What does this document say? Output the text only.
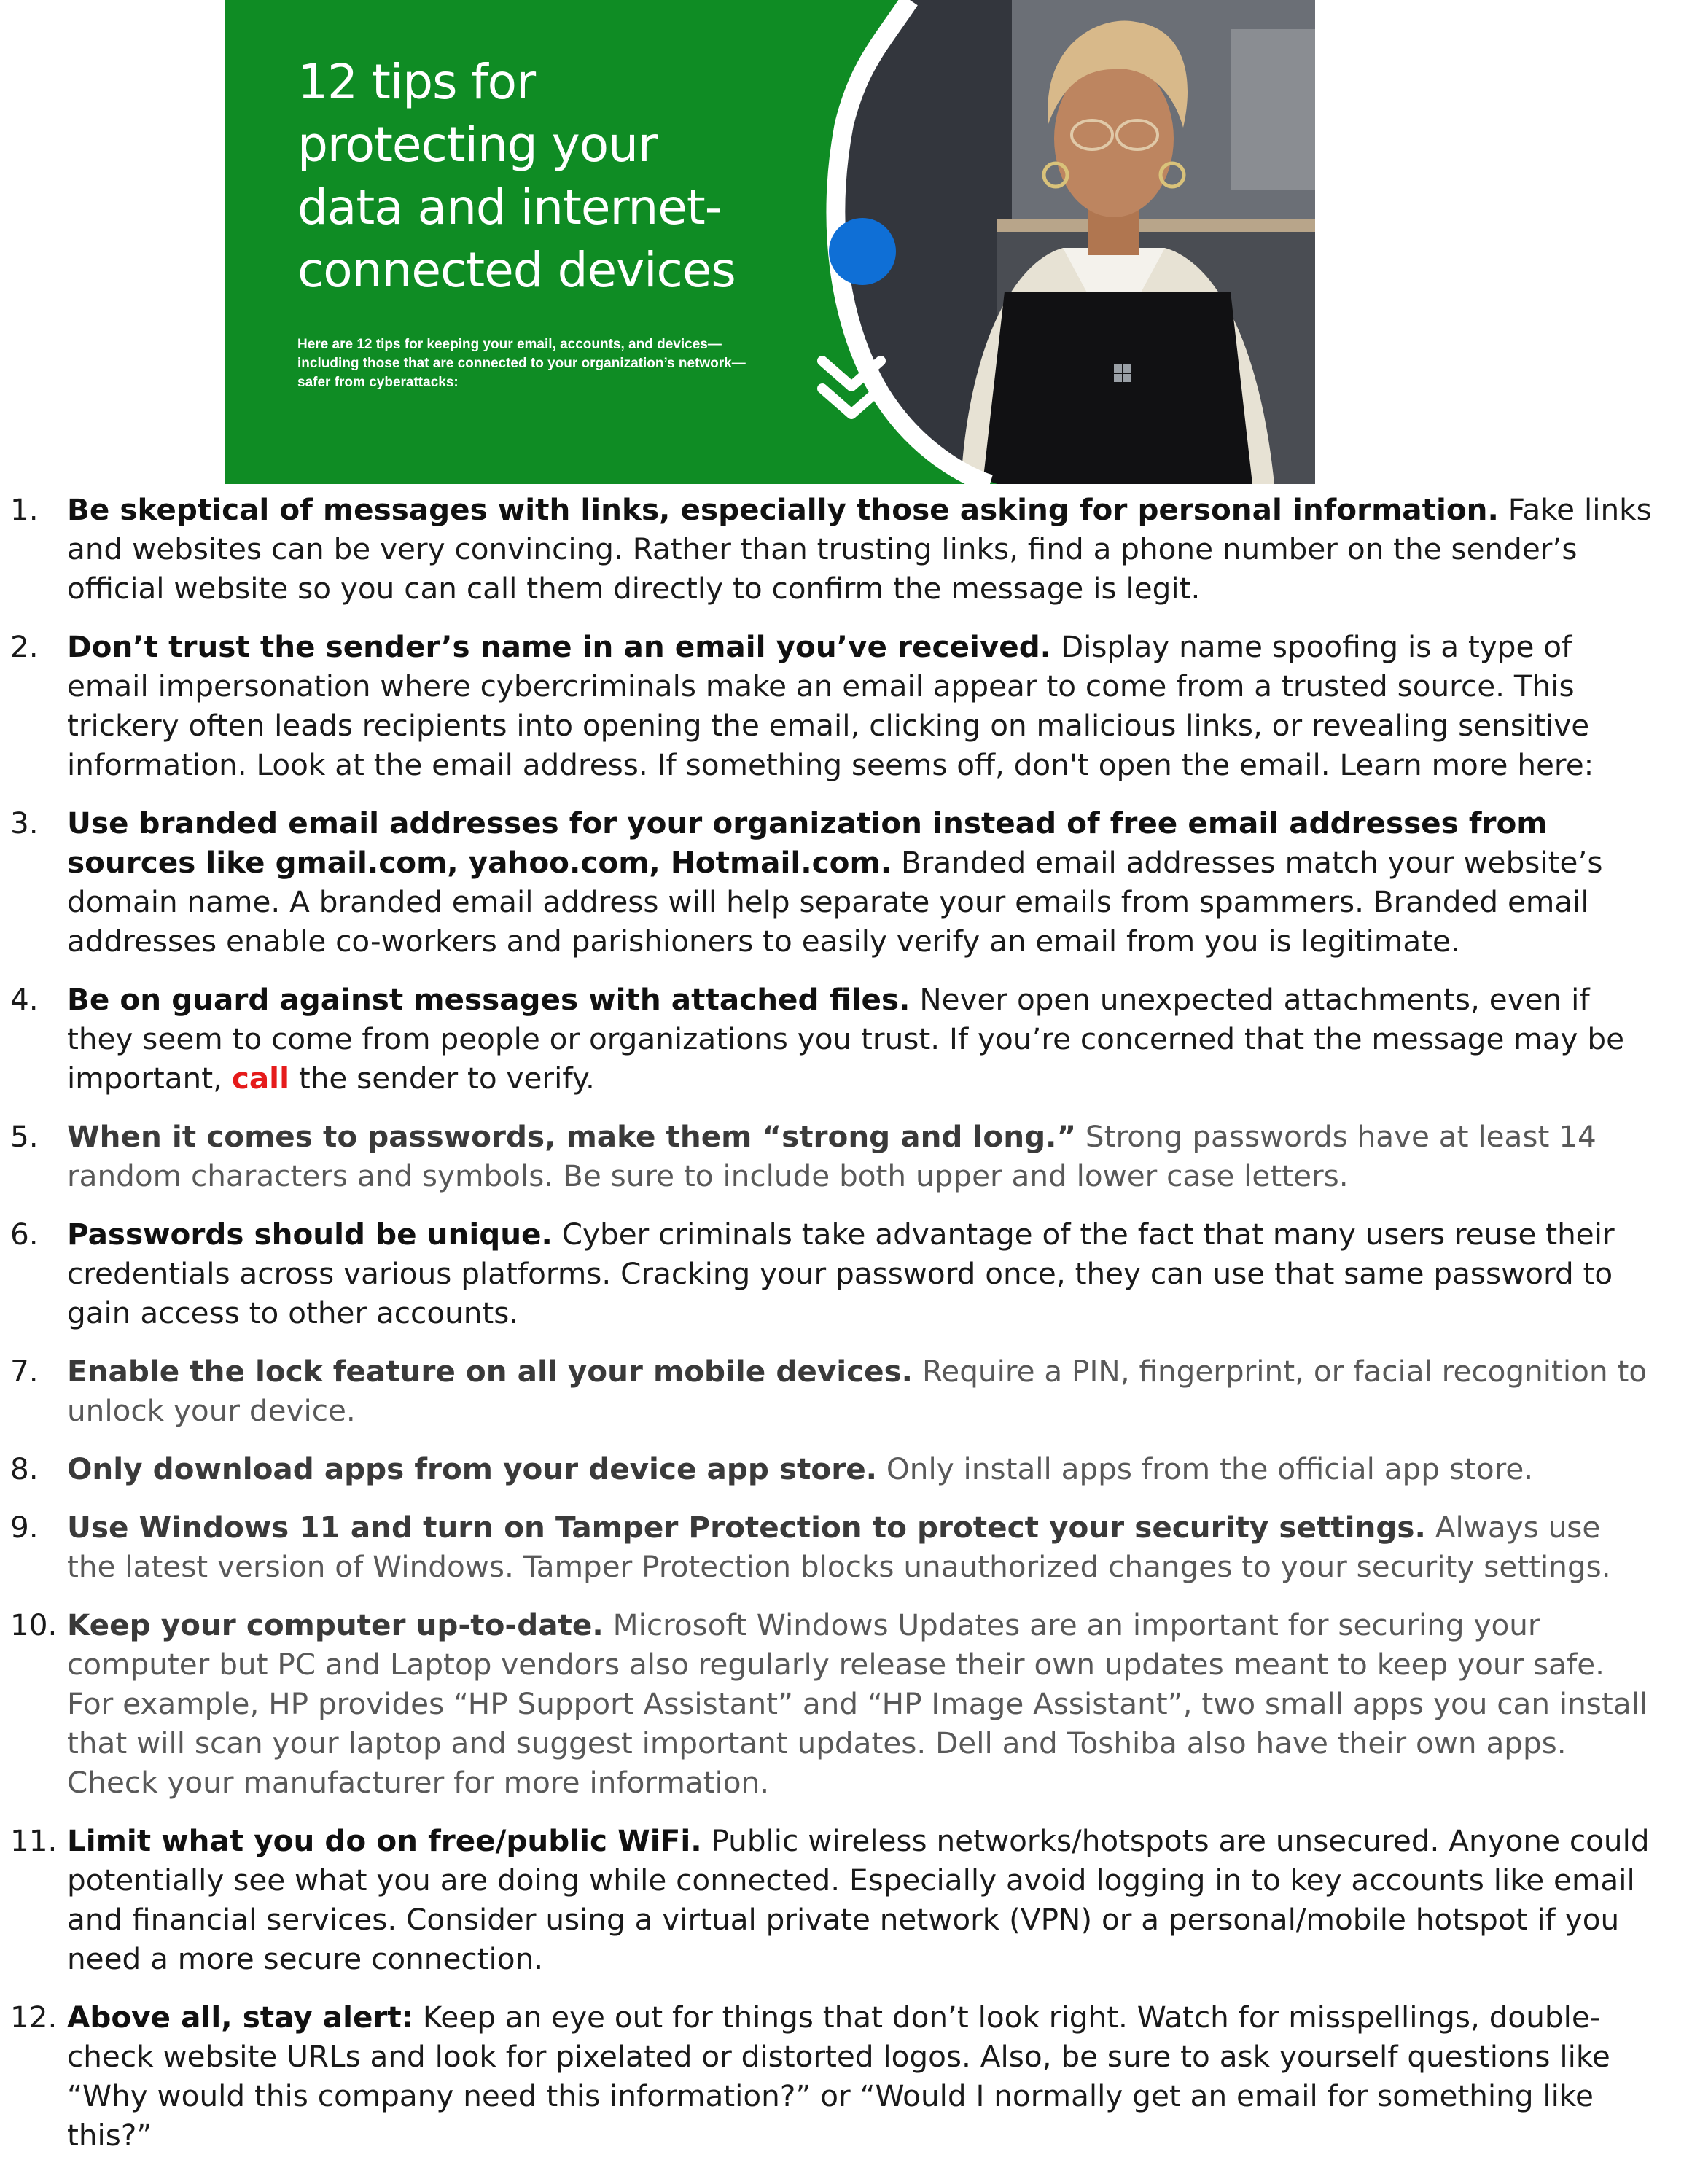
12 tips for
protecting your
data and internet-
connected devices
Here are 12 tips for keeping your email, accounts, and devices—including those that are connected to your organization’s network—safer from cyberattacks:
1. Be skeptical of messages with links, especially those asking for personal information. Fake links and websites can be very convincing. Rather than trusting links, find a phone number on the sender’s official website so you can call them directly to confirm the message is legit.
2. Don’t trust the sender’s name in an email you’ve received. Display name spoofing is a type of email impersonation where cybercriminals make an email appear to come from a trusted source. This trickery often leads recipients into opening the email, clicking on malicious links, or revealing sensitive information. Look at the email address. If something seems off, don't open the email. Learn more here:
3. Use branded email addresses for your organization instead of free email addresses from sources like gmail.com, yahoo.com, Hotmail.com. Branded email addresses match your website’s domain name. A branded email address will help separate your emails from spammers. Branded email addresses enable co-workers and parishioners to easily verify an email from you is legitimate.
4. Be on guard against messages with attached files. Never open unexpected attachments, even if they seem to come from people or organizations you trust. If you’re concerned that the message may be important, call the sender to verify.
5. When it comes to passwords, make them “strong and long.” Strong passwords have at least 14 random characters and symbols. Be sure to include both upper and lower case letters.
6. Passwords should be unique. Cyber criminals take advantage of the fact that many users reuse their credentials across various platforms. Cracking your password once, they can use that same password to gain access to other accounts.
7. Enable the lock feature on all your mobile devices. Require a PIN, fingerprint, or facial recognition to unlock your device.
8. Only download apps from your device app store. Only install apps from the official app store.
9. Use Windows 11 and turn on Tamper Protection to protect your security settings. Always use the latest version of Windows. Tamper Protection blocks unauthorized changes to your security settings.
10. Keep your computer up-to-date. Microsoft Windows Updates are an important for securing your computer but PC and Laptop vendors also regularly release their own updates meant to keep your safe. For example, HP provides “HP Support Assistant” and “HP Image Assistant”, two small apps you can install that will scan your laptop and suggest important updates. Dell and Toshiba also have their own apps. Check your manufacturer for more information.
11. Limit what you do on free/public WiFi. Public wireless networks/hotspots are unsecured. Anyone could potentially see what you are doing while connected. Especially avoid logging in to key accounts like email and financial services. Consider using a virtual private network (VPN) or a personal/mobile hotspot if you need a more secure connection.
12. Above all, stay alert: Keep an eye out for things that don’t look right. Watch for misspellings, double-check website URLs and look for pixelated or distorted logos. Also, be sure to ask yourself questions like “Why would this company need this information?” or “Would I normally get an email for something like this?”
